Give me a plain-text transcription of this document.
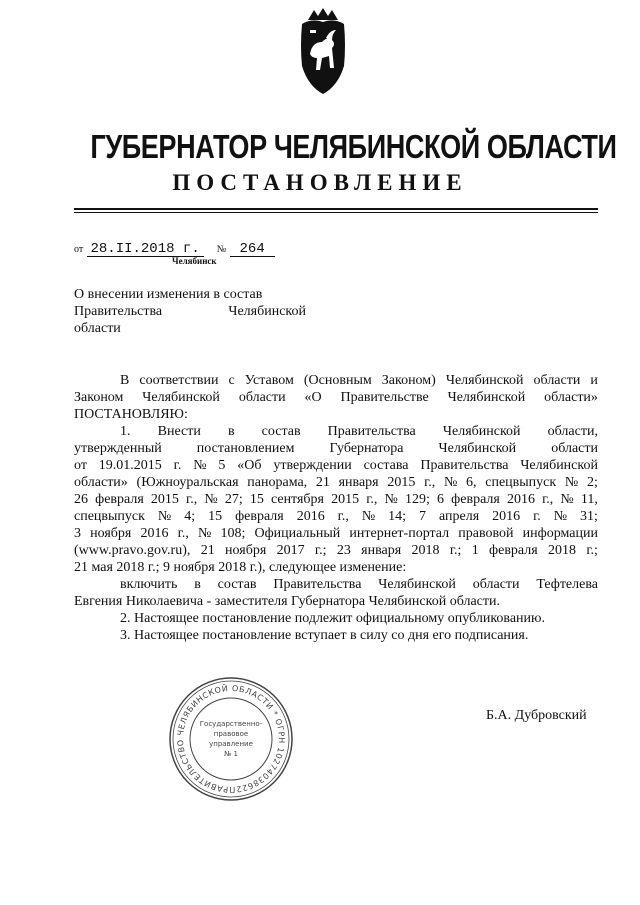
ГУБЕРНАТОР ЧЕЛЯБИНСКОЙ ОБЛАСТИ
ПОСТАНОВЛЕНИЕ
от 28.II.2018 г. № 264
Челябинск
О внесении изменения в состав
Правительства	Челябинской
области
В соответствии с Уставом (Основным Законом) Челябинской области и
Законом Челябинской области «О Правительстве Челябинской области»
ПОСТАНОВЛЯЮ:
1. Внести в состав Правительства Челябинской области,
утвержденный	постановлением	Губернатора	Челябинской	области
от 19.01.2015 г. № 5 «Об утверждении состава Правительства Челябинской
области» (Южноуральская панорама, 21 января 2015 г., № 6, спецвыпуск № 2;
26 февраля 2015 г., № 27; 15 сентября 2015 г., № 129; 6 февраля 2016 г., № 11,
спецвыпуск № 4; 15 февраля 2016 г., № 14; 7 апреля 2016 г. № 31;
3 ноября 2016 г., № 108; Официальный интернет-портал правовой информации
(www.pravo.gov.ru), 21 ноября 2017 г.; 23 января 2018 г.; 1 февраля 2018 г.;
21 мая 2018 г.; 9 ноября 2018 г.), следующее изменение:
включить в состав Правительства Челябинской области Тефтелева
Евгения Николаевича - заместителя Губернатора Челябинской области.
2. Настоящее постановление подлежит официальному опубликованию.
3. Настоящее постановление вступает в силу со дня его подписания.
ПРАВИТЕЛЬСТВО ЧЕЛЯБИНСКОЙ ОБЛАСТИ * ОГРН 1027403862210
Государственно-
правовое
управление
№ 1
Б.А. Дубровский
